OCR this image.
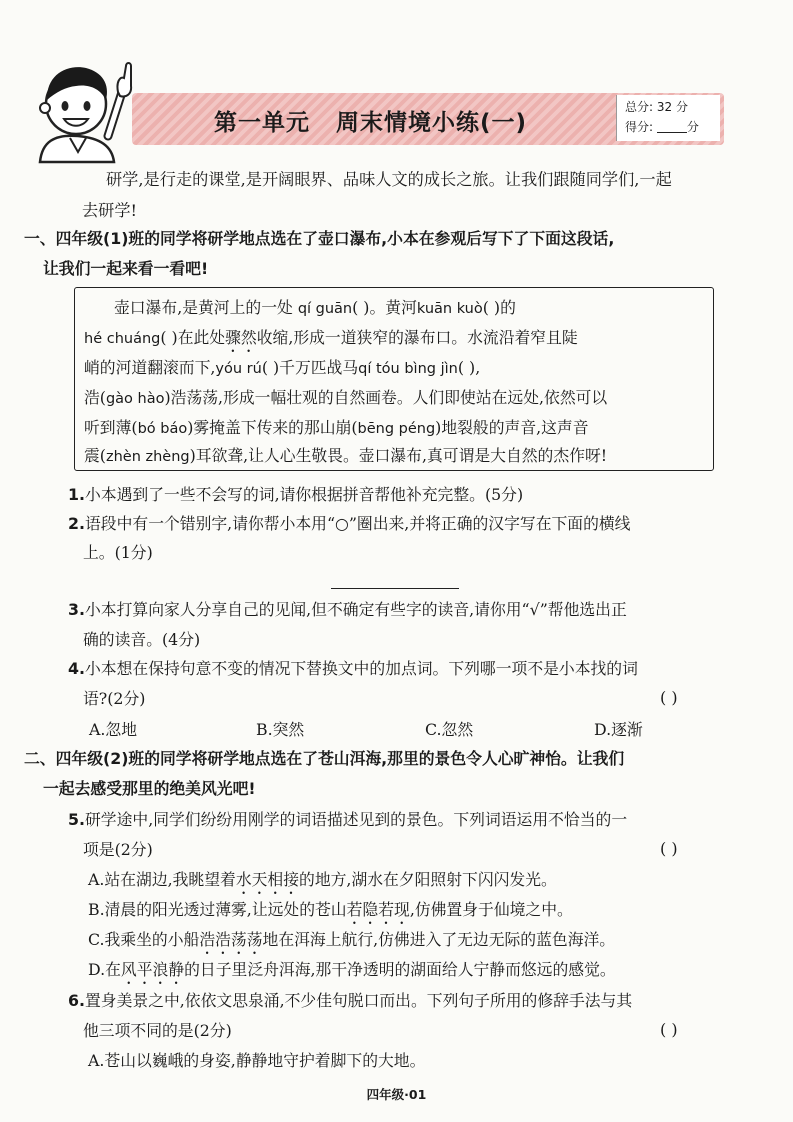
第一单元 周末情境小练(一)
总分: 32 分
得分:	分
研学,是行走的课堂,是开阔眼界、品味人文的成长之旅。让我们跟随同学们,一起
去研学!
一、四年级(1)班的同学将研学地点选在了壶口瀑布,小本在参观后写下了下面这段话,
让我们一起来看一看吧!
壶口瀑布,是黄河上的一处 qí guān( )。黄河kuān kuò( )的
hé chuáng( )在此处骤然收缩,形成一道狭窄的瀑布口。水流沿着窄且陡
峭的河道翻滚而下,yóu rú( )千万匹战马qí tóu bìng jìn( ),
浩(gào hào)浩荡荡,形成一幅壮观的自然画卷。人们即使站在远处,依然可以
听到薄(bó báo)雾掩盖下传来的那山崩(bēng péng)地裂般的声音,这声音
震(zhèn zhèng)耳欲聋,让人心生敬畏。壶口瀑布,真可谓是大自然的杰作呀!
1.小本遇到了一些不会写的词,请你根据拼音帮他补充完整。(5分)
2.语段中有一个错别字,请你帮小本用“○”圈出来,并将正确的汉字写在下面的横线
上。(1分)
3.小本打算向家人分享自己的见闻,但不确定有些字的读音,请你用“√”帮他选出正
确的读音。(4分)
4.小本想在保持句意不变的情况下替换文中的加点词。下列哪一项不是小本找的词
语?(2分)	( )
A.忽地	B.突然	C.忽然	D.逐渐
二、四年级(2)班的同学将研学地点选在了苍山洱海,那里的景色令人心旷神怡。让我们
一起去感受那里的绝美风光吧!
5.研学途中,同学们纷纷用刚学的词语描述见到的景色。下列词语运用不恰当的一
项是(2分)	( )
A.站在湖边,我眺望着水天相接的地方,湖水在夕阳照射下闪闪发光。
B.清晨的阳光透过薄雾,让远处的苍山若隐若现,仿佛置身于仙境之中。
C.我乘坐的小船浩浩荡荡地在洱海上航行,仿佛进入了无边无际的蓝色海洋。
D.在风平浪静的日子里泛舟洱海,那干净透明的湖面给人宁静而悠远的感觉。
6.置身美景之中,依依文思泉涌,不少佳句脱口而出。下列句子所用的修辞手法与其
他三项不同的是(2分)	( )
A.苍山以巍峨的身姿,静静地守护着脚下的大地。
四年级·01
